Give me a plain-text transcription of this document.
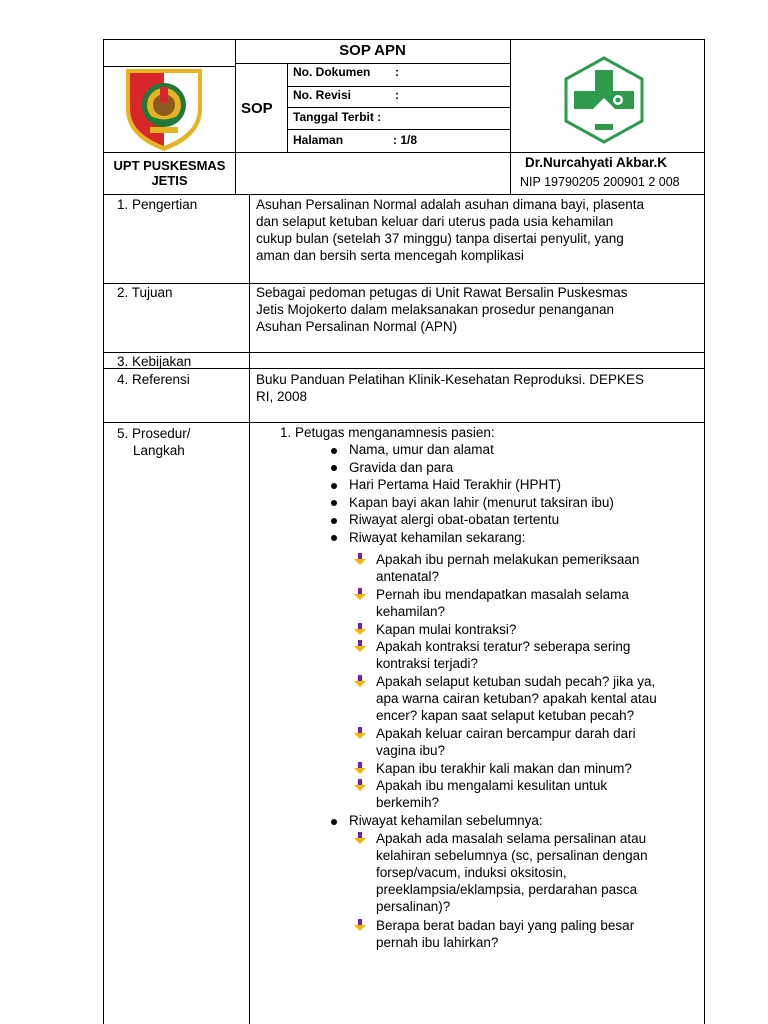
SOP APN
SOP
No. Dokumen :
No. Revisi	:
Tanggal Terbit :
Halaman	: 1/8
UPT PUSKESMAS
JETIS
Dr.Nurcahyati Akbar.K
NIP 19790205 200901 2 008
1. Pengertian
2. Tujuan
3. Kebijakan
4. Referensi
5. Prosedur/
Langkah
Asuhan Persalinan Normal adalah asuhan dimana bayi, plasenta
dan selaput ketuban keluar dari uterus pada usia kehamilan
cukup bulan (setelah 37 minggu) tanpa disertai penyulit, yang
aman dan bersih serta mencegah komplikasi
Sebagai pedoman petugas di Unit Rawat Bersalin Puskesmas
Jetis Mojokerto dalam melaksanakan prosedur penanganan
Asuhan Persalinan Normal (APN)
Buku Panduan Pelatihan Klinik-Kesehatan Reproduksi. DEPKES
RI, 2008
1. Petugas menganamnesis pasien:
Nama, umur dan alamat
Gravida dan para
Hari Pertama Haid Terakhir (HPHT)
Kapan bayi akan lahir (menurut taksiran ibu)
Riwayat alergi obat-obatan tertentu
Riwayat kehamilan sekarang:
Apakah ibu pernah melakukan pemeriksaan
antenatal?
Pernah ibu mendapatkan masalah selama
kehamilan?
Kapan mulai kontraksi?
Apakah kontraksi teratur? seberapa sering
kontraksi terjadi?
Apakah selaput ketuban sudah pecah? jika ya,
apa warna cairan ketuban? apakah kental atau
encer? kapan saat selaput ketuban pecah?
Apakah keluar cairan bercampur darah dari
vagina ibu?
Kapan ibu terakhir kali makan dan minum?
Apakah ibu mengalami kesulitan untuk
berkemih?
Riwayat kehamilan sebelumnya:
Apakah ada masalah selama persalinan atau
kelahiran sebelumnya (sc, persalinan dengan
forsep/vacum, induksi oksitosin,
preeklampsia/eklampsia, perdarahan pasca
persalinan)?
Berapa berat badan bayi yang paling besar
pernah ibu lahirkan?
